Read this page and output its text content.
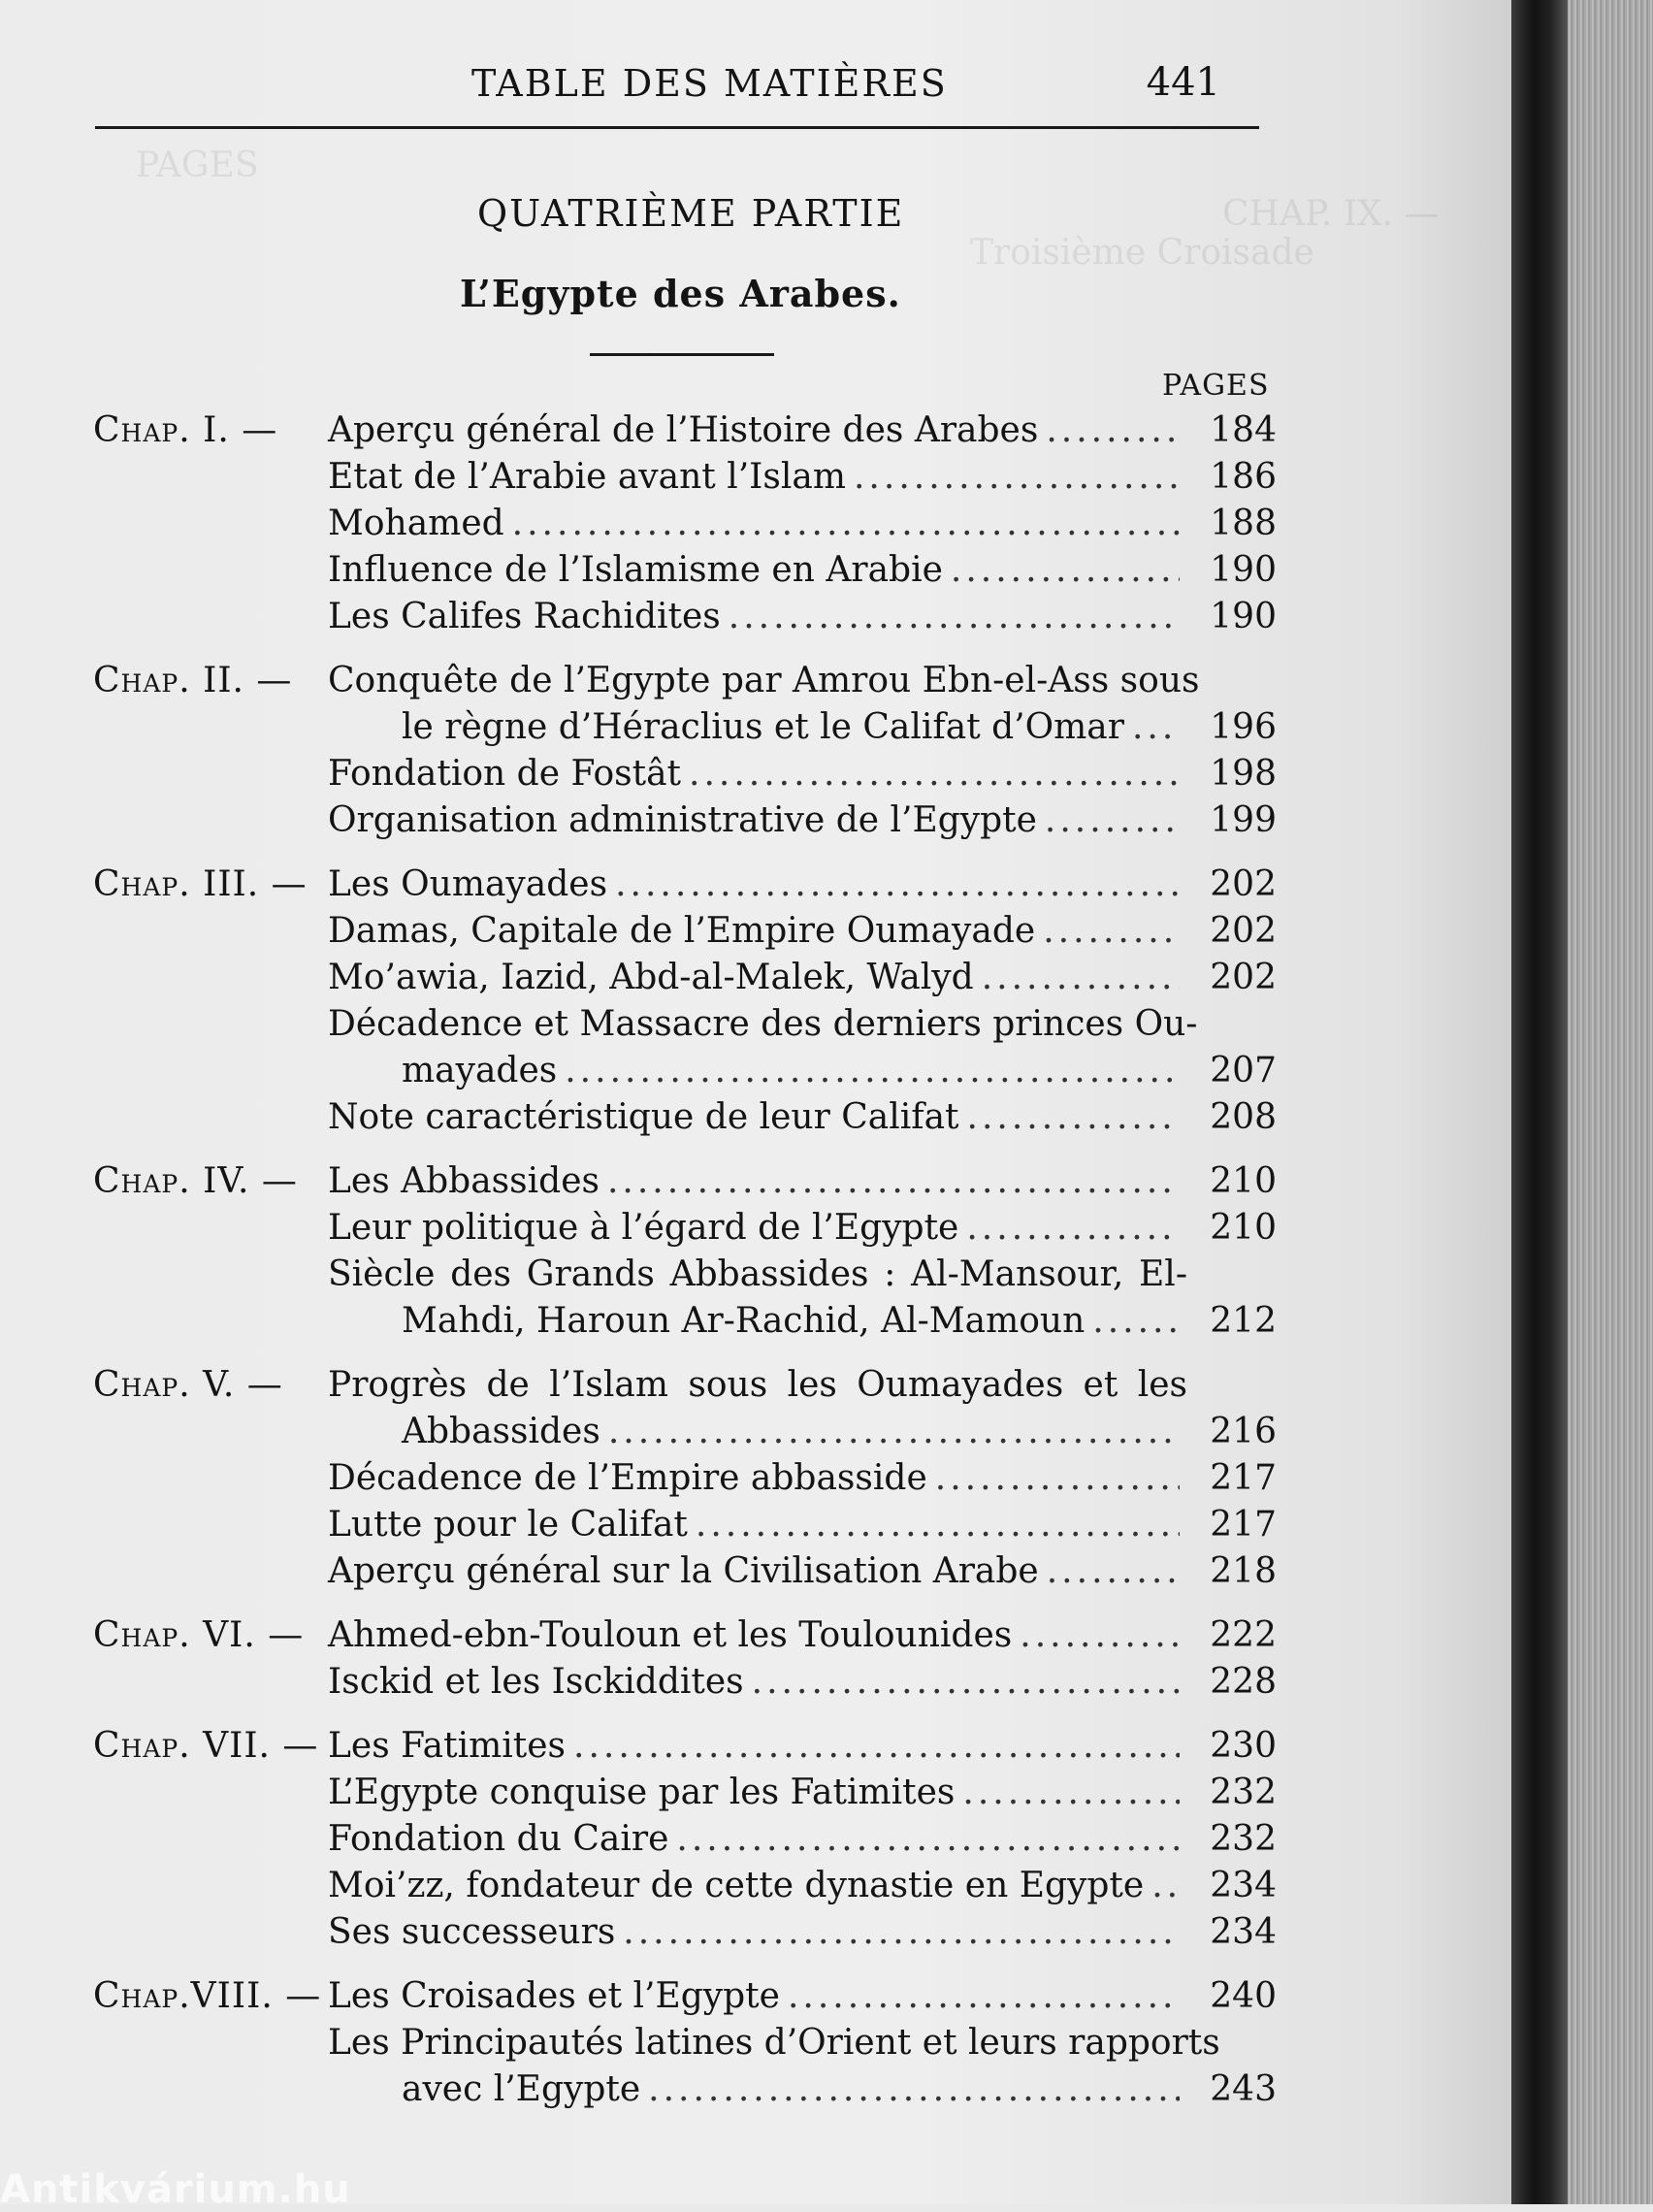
PAGES
CHAP. IX. —
Troisième Croisade
TABLE DES MATIÈRES	441
QUATRIÈME PARTIE
L’Egypte des Arabes.
PAGES
Chap. I. —	Aperçu général de l’Histoire des Arabes .....	184
Etat de l’Arabie avant l’Islam .....	186
Mohamed .....	188
Influence de l’Islamisme en Arabie .....	190
Les Califes Rachidites .....	190
Chap. II. —	Conquête de l’Egypte par Amrou Ebn-el-Ass sous
le règne d’Héraclius et le Califat d’Omar .....	196
Fondation de Fostât .....	198
Organisation administrative de l’Egypte .....	199
Chap. III. — Les Oumayades .....	202
Damas, Capitale de l’Empire Oumayade .....	202
Mo’awia, Iazid, Abd-al-Malek, Walyd .....	202
Décadence et Massacre des derniers princes Ou-
mayades .....	207
Note caractéristique de leur Califat .....	208
Chap. IV. — Les Abbassides .....	210
Leur politique à l’égard de l’Egypte .....	210
Siècle des Grands Abbassides : Al-Mansour, El-
Mahdi, Haroun Ar-Rachid, Al-Mamoun .....	212
Chap. V. —	Progrès de l’Islam sous les Oumayades et les
Abbassides .....	216
Décadence de l’Empire abbasside .....	217
Lutte pour le Califat .....	217
Aperçu général sur la Civilisation Arabe .....	218
Chap. VI. — Ahmed-ebn-Touloun et les Toulounides .....	222
Isckid et les Isckiddites .....	228
Chap. VII. — Les Fatimites .....	230
L’Egypte conquise par les Fatimites .....	232
Fondation du Caire .....	232
Moi’zz, fondateur de cette dynastie en Egypte .....	234
Ses successeurs .....	234
Chap.VIII. — Les Croisades et l’Egypte .....	240
Les Principautés latines d’Orient et leurs rapports
avec l’Egypte .....	243
Antikvárium.hu
